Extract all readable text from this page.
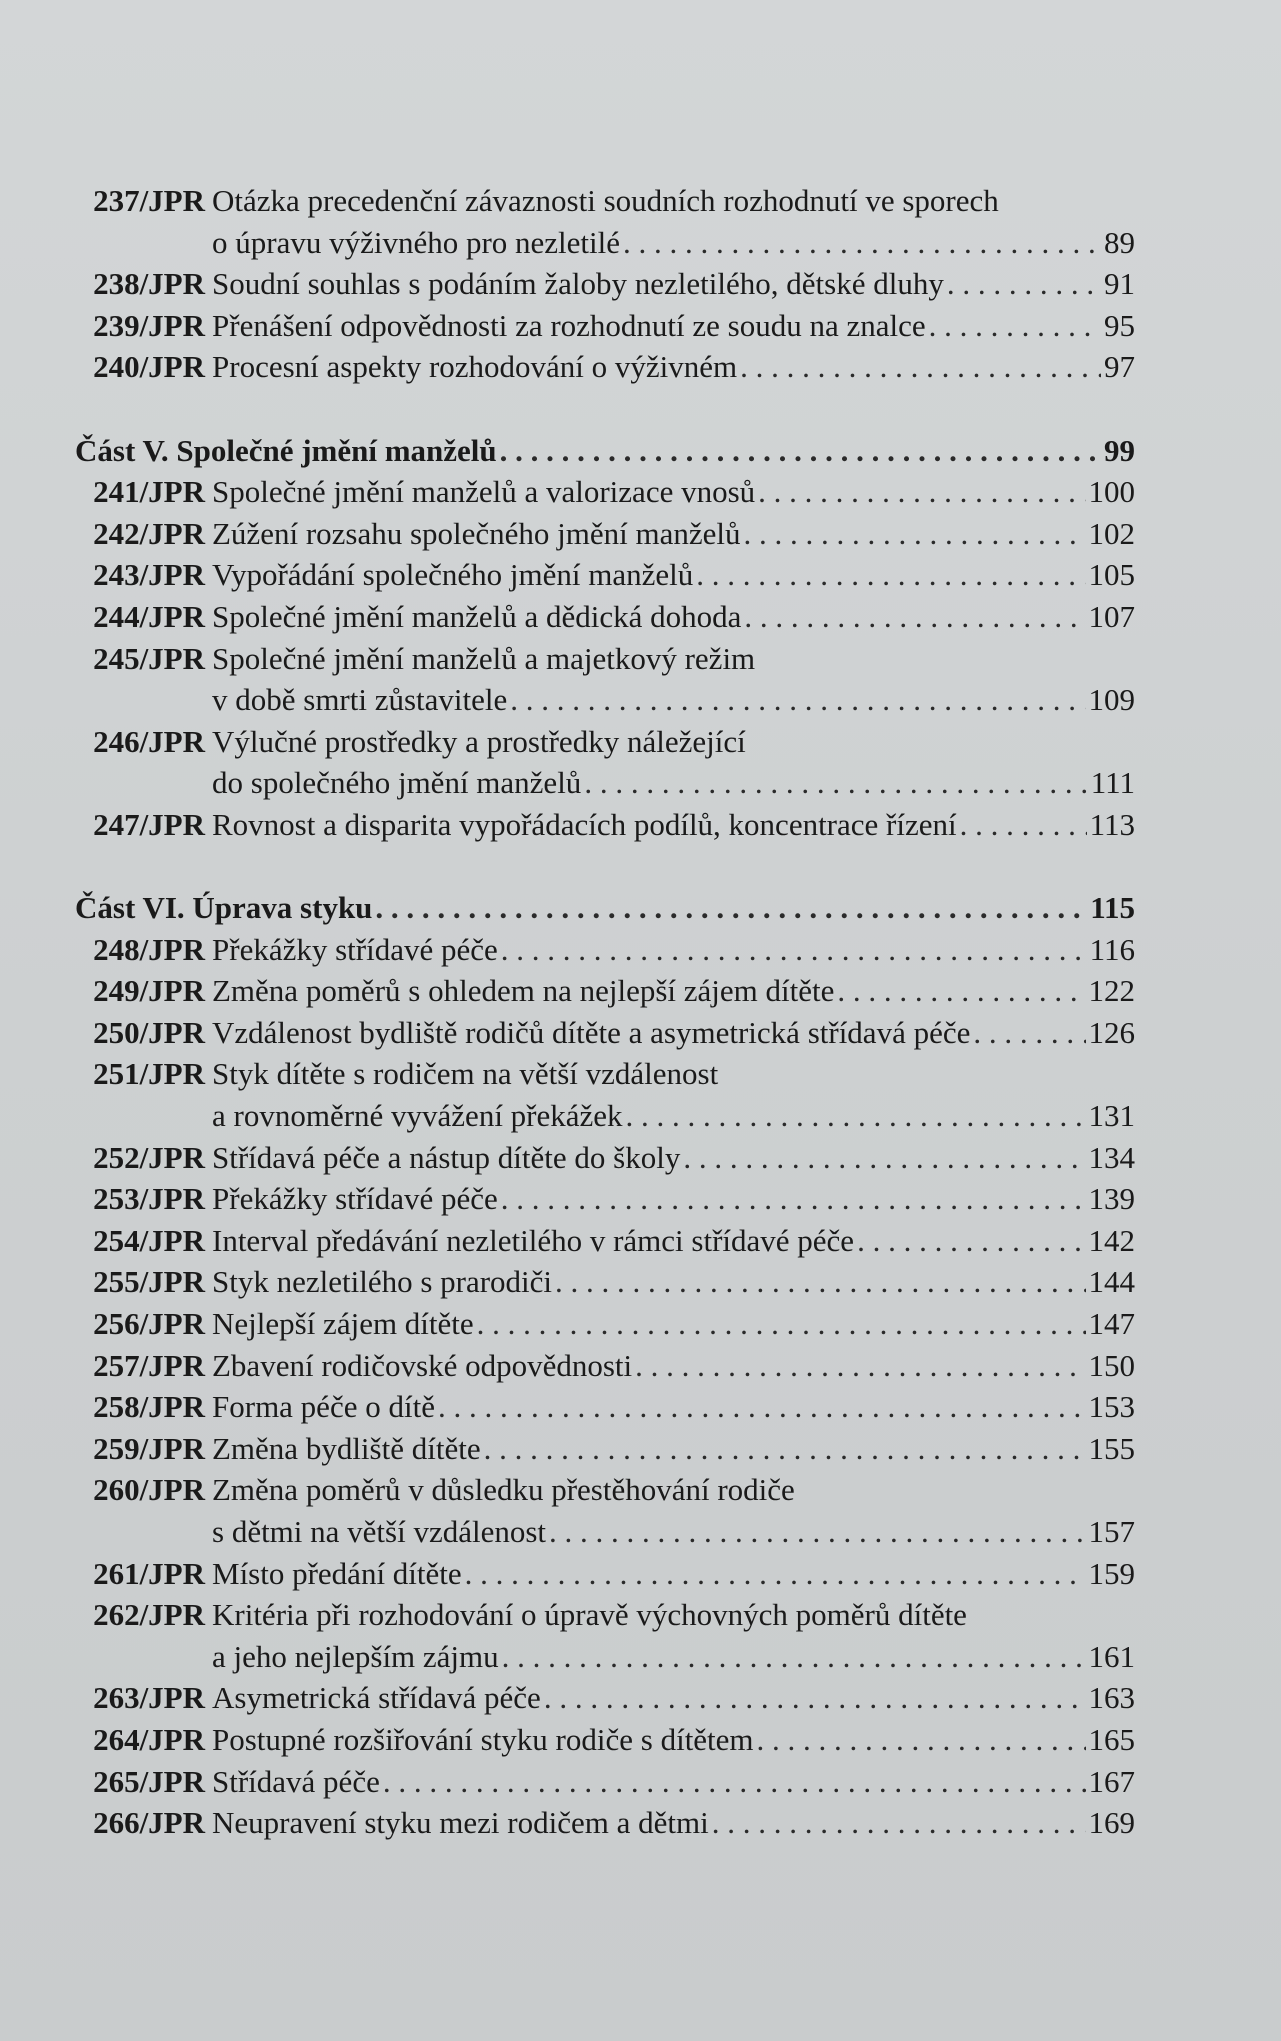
237/JPR Otázka precedenční závaznosti soudních rozhodnutí ve sporech
o úpravu výživného pro nezletilé . . .	89
238/JPR Soudní souhlas s podáním žaloby nezletilého, dětské dluhy . . .	91
239/JPR Přenášení odpovědnosti za rozhodnutí ze soudu na znalce . . .	95
240/JPR Procesní aspekty rozhodování o výživném . . .	97
Část V. Společné jmění manželů . . .	99
241/JPR Společné jmění manželů a valorizace vnosů . . .	100
242/JPR Zúžení rozsahu společného jmění manželů . . .	102
243/JPR Vypořádání společného jmění manželů . . .	105
244/JPR Společné jmění manželů a dědická dohoda . . .	107
245/JPR Společné jmění manželů a majetkový režim
v době smrti zůstavitele . . .	109
246/JPR Výlučné prostředky a prostředky náležející
do společného jmění manželů . . .	111
247/JPR Rovnost a disparita vypořádacích podílů, koncentrace řízení . . .	113
Část VI. Úprava styku . . .	115
248/JPR Překážky střídavé péče . . .	116
249/JPR Změna poměrů s ohledem na nejlepší zájem dítěte . . .	122
250/JPR Vzdálenost bydliště rodičů dítěte a asymetrická střídavá péče . . .	126
251/JPR Styk dítěte s rodičem na větší vzdálenost
a rovnoměrné vyvážení překážek . . .	131
252/JPR Střídavá péče a nástup dítěte do školy . . .	134
253/JPR Překážky střídavé péče . . .	139
254/JPR Interval předávání nezletilého v rámci střídavé péče . . .	142
255/JPR Styk nezletilého s prarodiči . . .	144
256/JPR Nejlepší zájem dítěte . . .	147
257/JPR Zbavení rodičovské odpovědnosti . . .	150
258/JPR Forma péče o dítě . . .	153
259/JPR Změna bydliště dítěte . . .	155
260/JPR Změna poměrů v důsledku přestěhování rodiče
s dětmi na větší vzdálenost . . .	157
261/JPR Místo předání dítěte . . .	159
262/JPR Kritéria při rozhodování o úpravě výchovných poměrů dítěte
a jeho nejlepším zájmu . . .	161
263/JPR Asymetrická střídavá péče . . .	163
264/JPR Postupné rozšiřování styku rodiče s dítětem . . .	165
265/JPR Střídavá péče . . .	167
266/JPR Neupravení styku mezi rodičem a dětmi . . .	169
